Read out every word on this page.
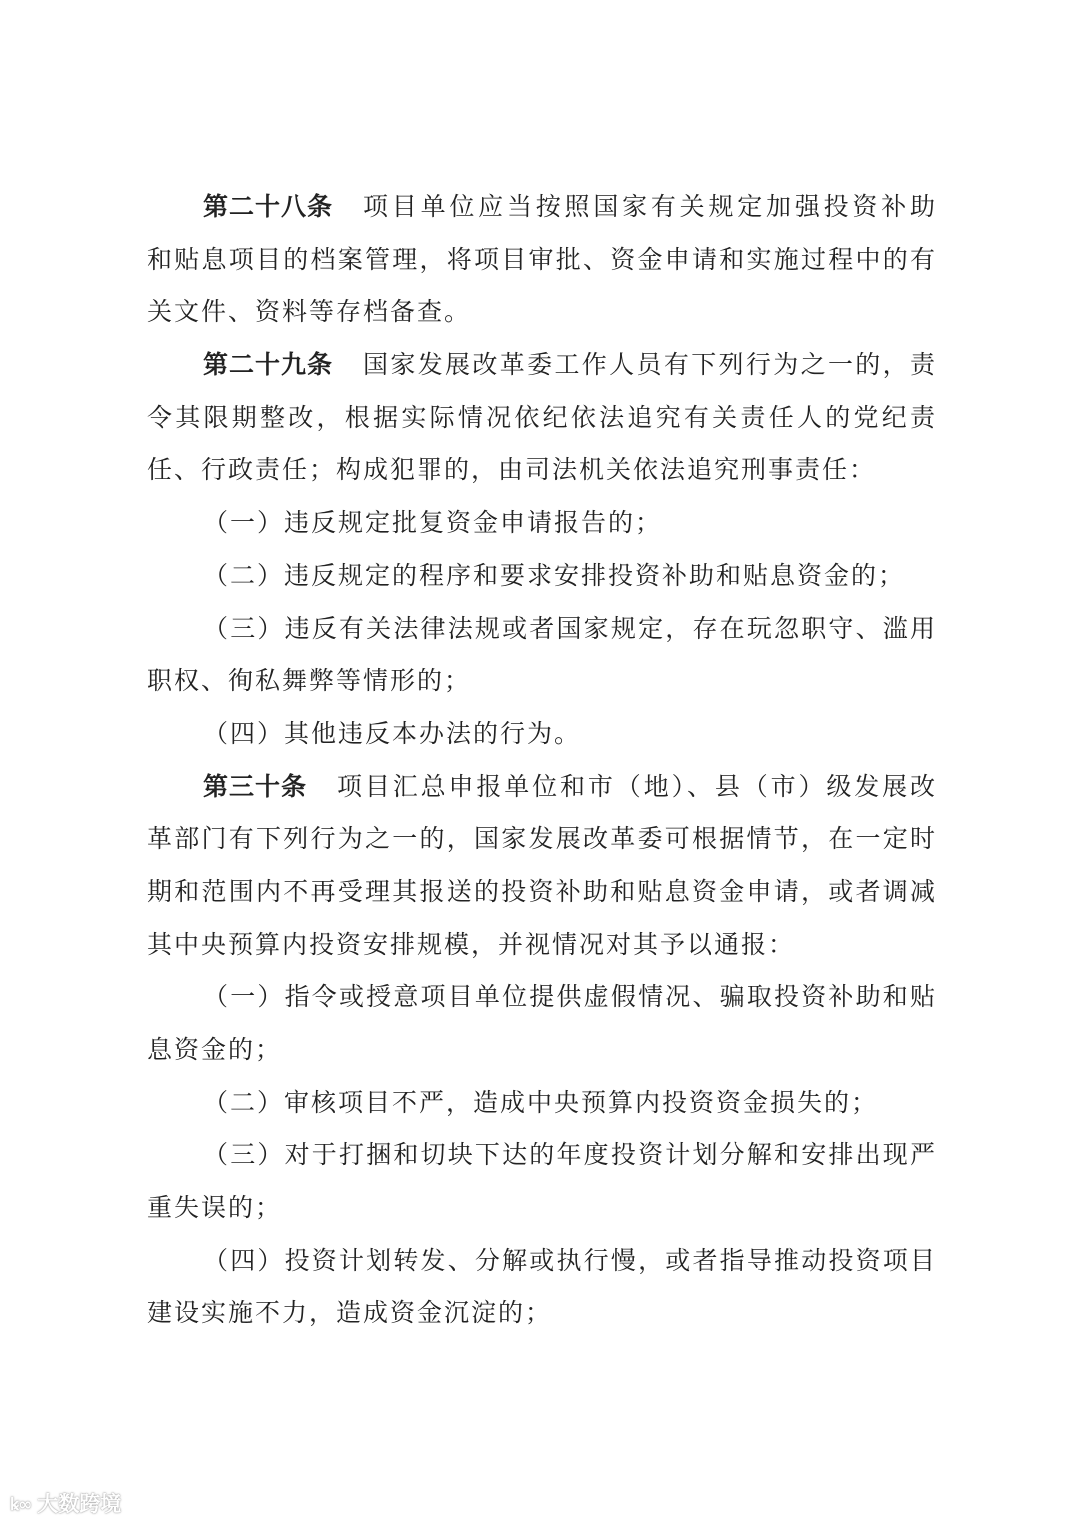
第二十八条 项目单位应当按照国家有关规定加强投资补助
和贴息项目的档案管理，将项目审批、资金申请和实施过程中的有
关文件、资料等存档备查。
第二十九条 国家发展改革委工作人员有下列行为之一的，责
令其限期整改，根据实际情况依纪依法追究有关责任人的党纪责
任、行政责任；构成犯罪的，由司法机关依法追究刑事责任：
（一）违反规定批复资金申请报告的；
（二）违反规定的程序和要求安排投资补助和贴息资金的；
（三）违反有关法律法规或者国家规定，存在玩忽职守、滥用
职权、徇私舞弊等情形的；
（四）其他违反本办法的行为。
第三十条 项目汇总申报单位和市（地）、县（市）级发展改
革部门有下列行为之一的，国家发展改革委可根据情节，在一定时
期和范围内不再受理其报送的投资补助和贴息资金申请，或者调减
其中央预算内投资安排规模，并视情况对其予以通报：
（一）指令或授意项目单位提供虚假情况、骗取投资补助和贴
息资金的；
（二）审核项目不严，造成中央预算内投资资金损失的；
（三）对于打捆和切块下达的年度投资计划分解和安排出现严
重失误的；
（四）投资计划转发、分解或执行慢，或者指导推动投资项目
建设实施不力，造成资金沉淀的；
ꝃ∞ 大数跨境
